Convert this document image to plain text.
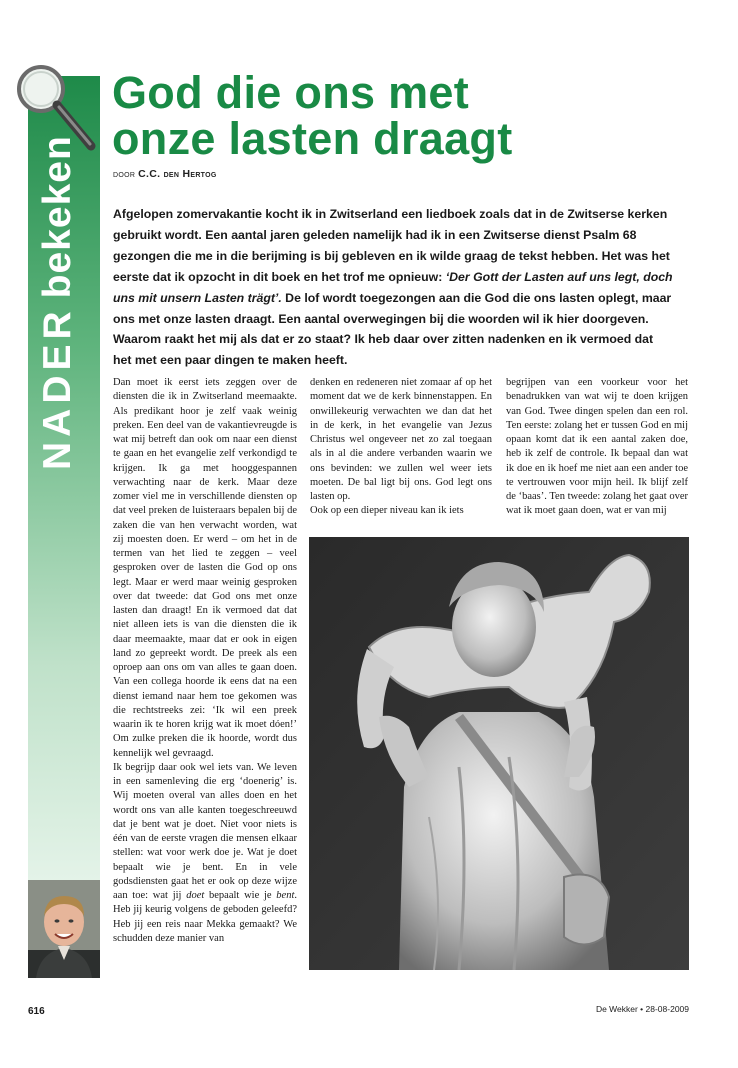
NADERbekeken
God die ons met
onze lasten draagt
door C.C. den Hertog
Afgelopen zomervakantie kocht ik in Zwitserland een liedboek zoals dat in de Zwitserse kerken gebruikt wordt. Een aantal jaren geleden namelijk had ik in een Zwitserse dienst Psalm 68 gezongen die me in die berijming is bij gebleven en ik wilde graag de tekst hebben. Het was het eerste dat ik opzocht in dit boek en het trof me opnieuw: ‘Der Gott der Lasten auf uns legt, doch uns mit unsern Lasten trägt’. De lof wordt toegezongen aan die God die ons lasten oplegt, maar ons met onze lasten draagt. Een aantal overwegingen bij die woorden wil ik hier doorgeven. Waarom raakt het mij als dat er zo staat? Ik heb daar over zitten nadenken en ik vermoed dat het met een paar dingen te maken heeft.

Dan moet ik eerst iets zeggen over de diensten die ik in Zwitserland meemaakte. Als predikant hoor je zelf vaak weinig preken. Een deel van de vakantievreugde is wat mij betreft dan ook om naar een dienst te gaan en het evangelie zelf verkondigd te krijgen. Ik ga met hooggespannen verwachting naar de kerk. Maar deze zomer viel me in verschillende diensten op dat veel preken de luisteraars bepalen bij de zaken die van hen verwacht worden, wat zij moesten doen. Er werd – om het in de termen van het lied te zeggen – veel gesproken over de lasten die God op ons legt. Maar er werd maar weinig gesproken over dat tweede: dat God ons met onze lasten dan draagt! En ik vermoed dat dat niet alleen iets is van die diensten die ik daar meemaakte, maar dat er ook in eigen land zo gepreekt wordt. De preek als een oproep aan ons om van alles te gaan doen. Van een collega hoorde ik eens dat na een dienst iemand naar hem toe gekomen was die rechtstreeks zei: ‘Ik wil een preek waarin ik te horen krijg wat ik moet dóen!’ Om zulke preken die ik hoorde, wordt dus kennelijk wel gevraagd.

Ik begrijp daar ook wel iets van. We leven in een samenleving die erg ‘doenerig’ is. Wij moeten overal van alles doen en het wordt ons van alle kanten toegeschreeuwd dat je bent wat je doet. Niet voor niets is één van de eerste vragen die mensen elkaar stellen: wat voor werk doe je. Wat je doet bepaalt wie je bent. En in vele godsdiensten gaat het er ook op deze wijze aan toe: wat jij doet bepaalt wie je bent. Heb jij keurig volgens de geboden geleefd? Heb jij een reis naar Mekka gemaakt? We schudden deze manier van

denken en redeneren niet zomaar af op het moment dat we de kerk binnenstappen. En onwillekeurig verwachten we dan dat het in de kerk, in het evangelie van Jezus Christus wel ongeveer net zo zal toegaan als in al die andere verbanden waarin we ons bevinden: we zullen wel weer iets moeten. De bal ligt bij ons. God legt ons lasten op.

Ook op een dieper niveau kan ik iets

begrijpen van een voorkeur voor het benadrukken van wat wij te doen krijgen van God. Twee dingen spelen dan een rol. Ten eerste: zolang het er tussen God en mij opaan komt dat ik een aantal zaken doe, heb ik zelf de controle. Ik bepaal dan wat ik doe en ik hoef me niet aan een ander toe te vertrouwen voor mijn heil. Ik blijf zelf de ‘baas’. Ten tweede: zolang het gaat over wat ik moet gaan doen, wat er van mij

616	De Wekker • 28-08-2009
